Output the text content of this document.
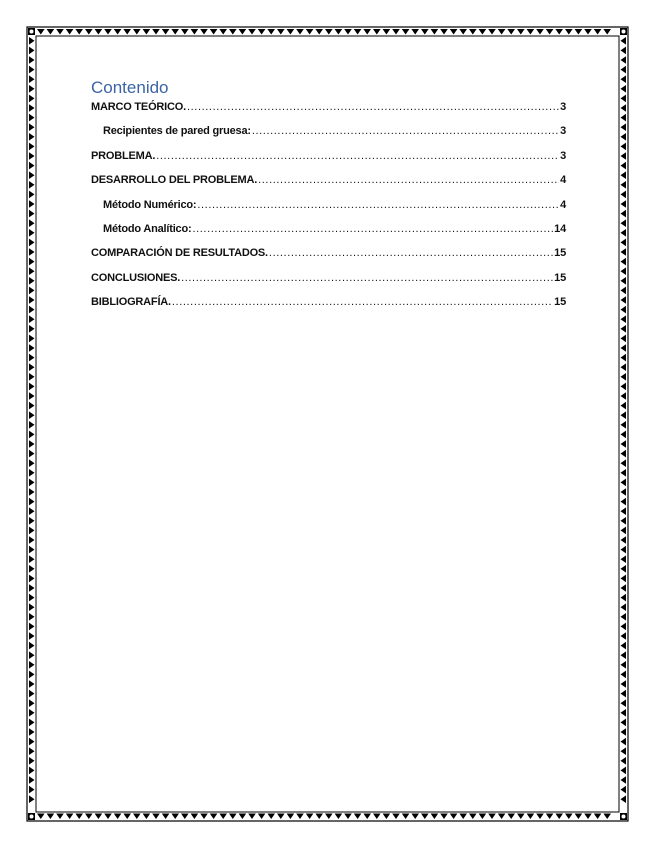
Contenido
MARCO TEÓRICO. .....	3
Recipientes de pared gruesa: .....	3
PROBLEMA. .....	3
DESARROLLO DEL PROBLEMA. .....	4
Método Numérico: .....	4
Método Analítico: .....	14
COMPARACIÓN DE RESULTADOS. .....	15
CONCLUSIONES. .....	15
BIBLIOGRAFÍA. .....	15
